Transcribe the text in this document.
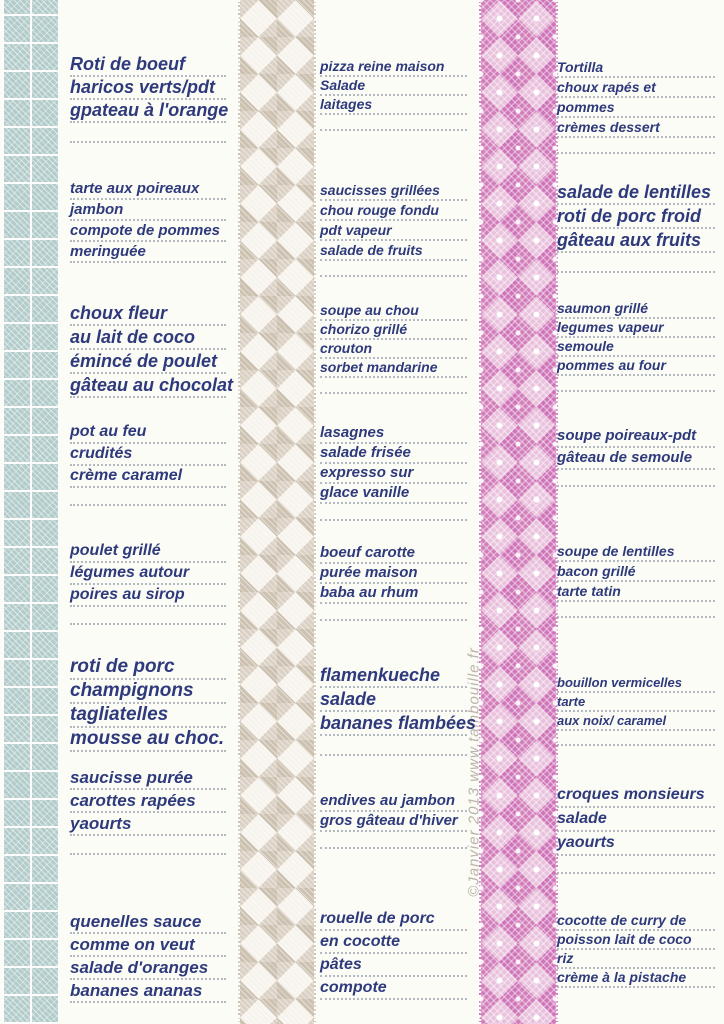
©Janvier 2013 www.tambouille.fr
Roti de boeuf
haricos verts/pdt
gpateau à l'orange
tarte aux poireaux
jambon
compote de pommes
meringuée
choux fleur
au lait de coco
émincé de poulet
gâteau au chocolat
pot au feu
crudités
crème caramel
poulet grillé
légumes autour
poires au sirop
roti de porc
champignons
tagliatelles
mousse au choc.
saucisse purée
carottes rapées
yaourts
quenelles sauce
comme on veut
salade d'oranges
bananes ananas
pizza reine maison
Salade
laitages
saucisses grillées
chou rouge fondu
pdt vapeur
salade de fruits
soupe au chou
chorizo grillé
crouton
sorbet mandarine
lasagnes
salade frisée
expresso sur
glace vanille
boeuf carotte
purée maison
baba au rhum
flamenkueche
salade
bananes flambées
endives au jambon
gros gâteau d'hiver
rouelle de porc
en cocotte
pâtes
compote
Tortilla
choux rapés et
pommes
crèmes dessert
salade de lentilles
roti de porc froid
gâteau aux fruits
saumon grillé
legumes vapeur
semoule
pommes au four
soupe poireaux-pdt
gâteau de semoule
soupe de lentilles
bacon grillé
tarte tatin
bouillon vermicelles
tarte
aux noix/ caramel
croques monsieurs
salade
yaourts
cocotte de curry de
poisson lait de coco
riz
crème à la pistache
